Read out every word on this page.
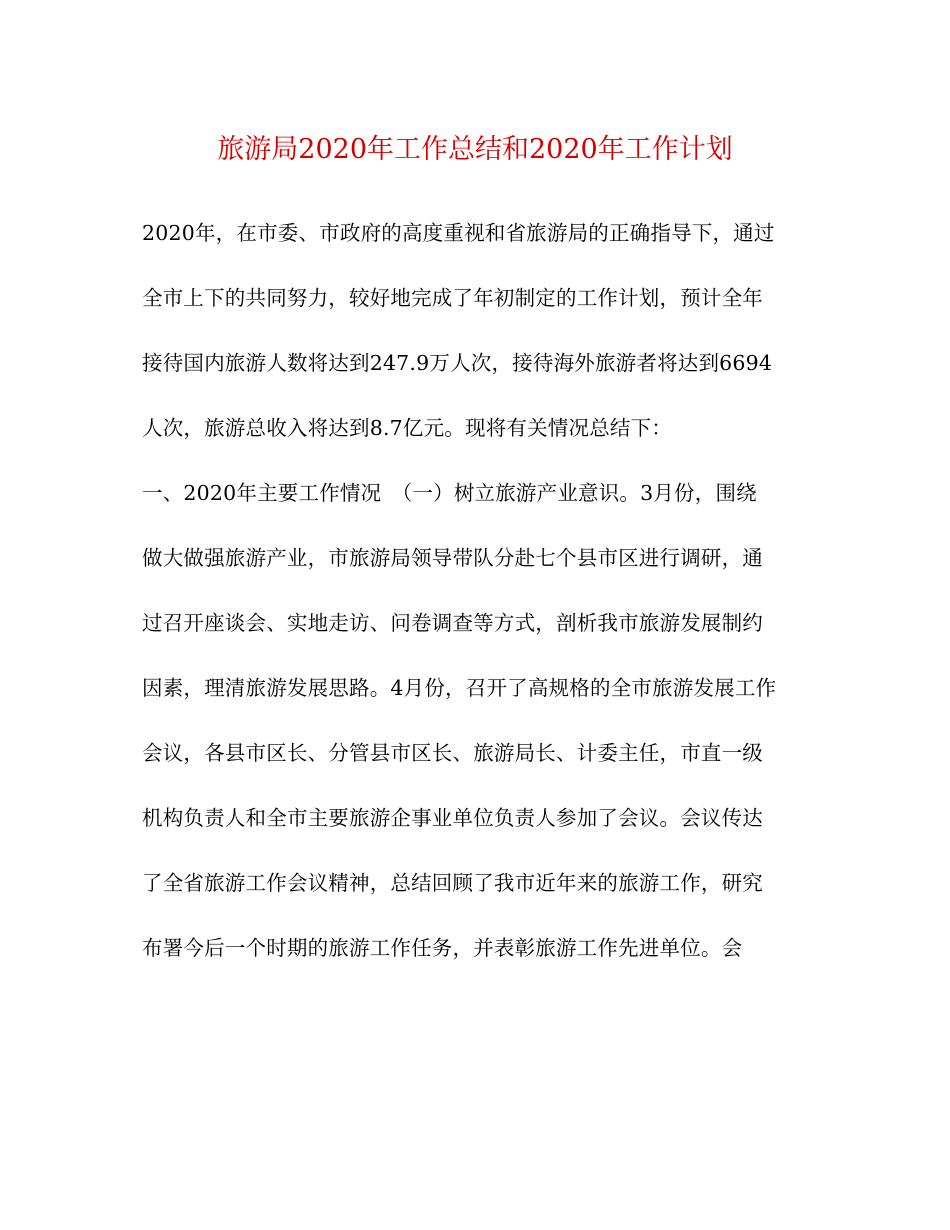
旅游局2020年工作总结和2020年工作计划
2020年，在市委、市政府的高度重视和省旅游局的正确指导下，通过
全市上下的共同努力，较好地完成了年初制定的工作计划，预计全年
接待国内旅游人数将达到247.9万人次，接待海外旅游者将达到6694
人次，旅游总收入将达到8.7亿元。现将有关情况总结下：
一、2020年主要工作情况　（一）树立旅游产业意识。3月份，围绕
做大做强旅游产业，市旅游局领导带队分赴七个县市区进行调研，通
过召开座谈会、实地走访、问卷调查等方式，剖析我市旅游发展制约
因素，理清旅游发展思路。4月份，召开了高规格的全市旅游发展工作
会议，各县市区长、分管县市区长、旅游局长、计委主任，市直一级
机构负责人和全市主要旅游企事业单位负责人参加了会议。会议传达
了全省旅游工作会议精神，总结回顾了我市近年来的旅游工作，研究
布署今后一个时期的旅游工作任务，并表彰旅游工作先进单位。会
